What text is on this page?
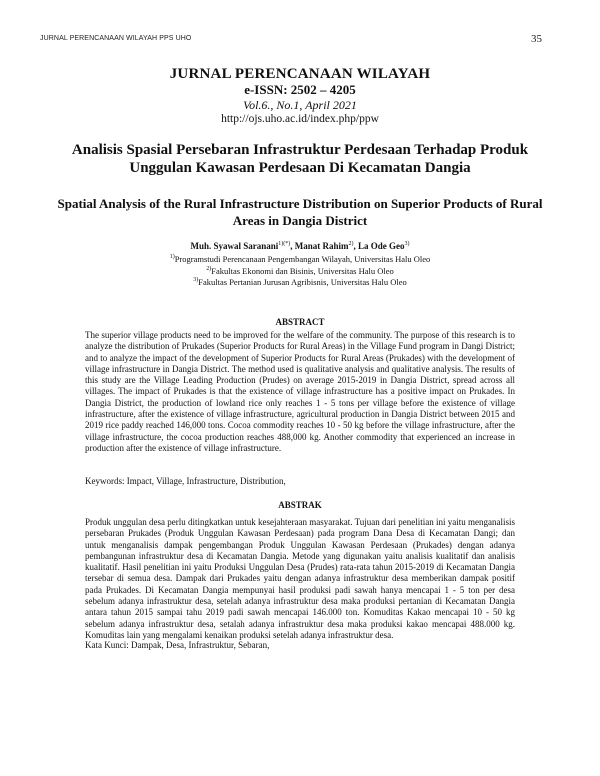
JURNAL PERENCANAAN WILAYAH PPS UHO	35
JURNAL PERENCANAAN WILAYAH
e-ISSN: 2502 – 4205
Vol.6., No.1, April 2021
http://ojs.uho.ac.id/index.php/ppw
Analisis Spasial Persebaran Infrastruktur Perdesaan Terhadap Produk Unggulan Kawasan Perdesaan Di Kecamatan Dangia
Spatial Analysis of the Rural Infrastructure Distribution on Superior Products of Rural Areas in Dangia District
Muh. Syawal Saranani$^{1)(*)}$, Manat Rahim$^{2)}$, La Ode Geo$^{3)}$
$^{1)}$Programstudi Perencanaan Pengembangan Wilayah, Universitas Halu Oleo
$^{2)}$Fakultas Ekonomi dan Bisinis, Universitas Halu Oleo
$^{3)}$Fakultas Pertanian Jurusan Agribisnis, Universitas Halu Oleo
ABSTRACT

The superior village products need to be improved for the welfare of the community. The purpose of this research is to analyze the distribution of Prukades (Superior Products for Rural Areas) in the Village Fund program in Dangi District; and to analyze the impact of the development of Superior Products for Rural Areas (Prukades) with the development of village infrastructure in Dangia District. The method used is qualitative analysis and qualitative analysis. The results of this study are the Village Leading Production (Prudes) on average 2015-2019 in Dangia District, spread across all villages. The impact of Prukades is that the existence of village infrastructure has a positive impact on Prukades. In Dangia District, the production of lowland rice only reaches 1 - 5 tons per village before the existence of village infrastructure, after the existence of village infrastructure, agricultural production in Dangia District between 2015 and 2019 rice paddy reached 146,000 tons. Cocoa commodity reaches 10 - 50 kg before the village infrastructure, after the village infrastructure, the cocoa production reaches 488,000 kg. Another commodity that experienced an increase in production after the existence of village infrastructure.

Keywords: Impact, Village, Infrastructure, Distribution,

ABSTRAK

Produk unggulan desa perlu ditingkatkan untuk kesejahteraan masyarakat. Tujuan dari penelitian ini yaitu menganalisis persebaran Prukades (Produk Unggulan Kawasan Perdesaan) pada program Dana Desa di Kecamatan Dangi; dan untuk menganalisis dampak pengembangan Produk Unggulan Kawasan Perdesaan (Prukades) dengan adanya pembangunan infrastruktur desa di Kecamatan Dangia. Metode yang digunakan yaitu analisis kualitatif dan analisis kualitatif. Hasil penelitian ini yaitu Produksi Unggulan Desa (Prudes) rata-rata tahun 2015-2019 di Kecamatan Dangia tersebar di semua desa. Dampak dari Prukades yaitu dengan adanya infrastruktur desa memberikan dampak positif pada Prukades. Di Kecamatan Dangia mempunyai hasil produksi padi sawah hanya mencapai 1 - 5 ton per desa sebelum adanya infrastruktur desa, setelah adanya infrastruktur desa maka produksi pertanian di Kecamatan Dangia antara tahun 2015 sampai tahu 2019 padi sawah mencapai 146.000 ton. Komuditas Kakao mencapai 10 - 50 kg sebelum adanya infrastruktur desa, setalah adanya infrastruktur desa maka produksi kakao mencapai 488.000 kg. Komuditas lain yang mengalami kenaikan produksi setelah adanya infrastruktur desa.

Kata Kunci: Dampak, Desa, Infrastruktur, Sebaran,
